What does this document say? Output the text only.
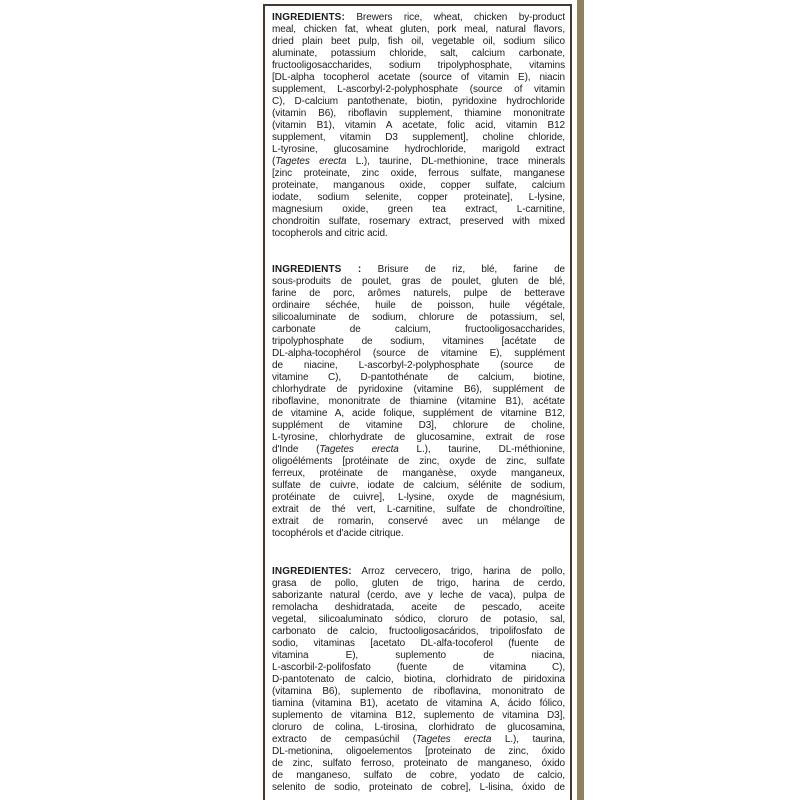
INGREDIENTS: Brewers rice, wheat, chicken by-product
meal, chicken fat, wheat gluten, pork meal, natural flavors,
dried plain beet pulp, fish oil, vegetable oil, sodium silico
aluminate, potassium chloride, salt, calcium carbonate,
fructooligosaccharides, sodium tripolyphosphate, vitamins
[DL-alpha tocopherol acetate (source of vitamin E), niacin
supplement, L-ascorbyl-2-polyphosphate (source of vitamin
C), D-calcium pantothenate, biotin, pyridoxine hydrochloride
(vitamin B6), riboflavin supplement, thiamine mononitrate
(vitamin B1), vitamin A acetate, folic acid, vitamin B12
supplement, vitamin D3 supplement], choline chloride,
L-tyrosine, glucosamine hydrochloride, marigold extract
(Tagetes erecta L.), taurine, DL-methionine, trace minerals
[zinc proteinate, zinc oxide, ferrous sulfate, manganese
proteinate, manganous oxide, copper sulfate, calcium
iodate, sodium selenite, copper proteinate], L-lysine,
magnesium oxide, green tea extract, L-carnitine,
chondroitin sulfate, rosemary extract, preserved with mixed
tocopherols and citric acid.
INGRÉDIENTS : Brisure de riz, blé, farine de
sous-produits de poulet, gras de poulet, gluten de blé,
farine de porc, arômes naturels, pulpe de betterave
ordinaire séchée, huile de poisson, huile végétale,
silicoaluminate de sodium, chlorure de potassium, sel,
carbonate de calcium, fructooligosaccharides,
tripolyphosphate de sodium, vitamines [acétate de
DL-alpha-tocophérol (source de vitamine E), supplément
de niacine, L-ascorbyl-2-polyphosphate (source de
vitamine C), D-pantothénate de calcium, biotine,
chlorhydrate de pyridoxine (vitamine B6), supplément de
riboflavine, mononitrate de thiamine (vitamine B1), acétate
de vitamine A, acide folique, supplément de vitamine B12,
supplément de vitamine D3], chlorure de choline,
L-tyrosine, chlorhydrate de glucosamine, extrait de rose
d'Inde (Tagetes erecta L.), taurine, DL-méthionine,
oligoéléments [protéinate de zinc, oxyde de zinc, sulfate
ferreux, protéinate de manganèse, oxyde manganeux,
sulfate de cuivre, iodate de calcium, sélénite de sodium,
protéinate de cuivre], L-lysine, oxyde de magnésium,
extrait de thé vert, L-carnitine, sulfate de chondroïtine,
extrait de romarin, conservé avec un mélange de
tocophérols et d'acide citrique.
INGREDIENTES: Arroz cervecero, trigo, harina de pollo,
grasa de pollo, gluten de trigo, harina de cerdo,
saborizante natural (cerdo, ave y leche de vaca), pulpa de
remolacha deshidratada, aceite de pescado, aceite
vegetal, silicoaluminato sódico, cloruro de potasio, sal,
carbonato de calcio, fructooligosacáridos, tripolifosfato de
sodio, vitaminas [acetato DL-alfa-tocoferol (fuente de
vitamina E), suplemento de niacina,
L-ascorbil-2-polifosfato (fuente de vitamina C),
D-pantotenato de calcio, biotina, clorhidrato de piridoxina
(vitamina B6), suplemento de riboflavina, mononitrato de
tiamina (vitamina B1), acetato de vitamina A, ácido fólico,
suplemento de vitamina B12, suplemento de vitamina D3],
cloruro de colina, L-tirosina, clorhidrato de glucosamina,
extracto de cempasúchil (Tagetes erecta L.), taurina,
DL-metionina, oligoelementos [proteinato de zinc, óxido
de zinc, sulfato ferroso, proteinato de manganeso, óxido
de manganeso, sulfato de cobre, yodato de calcio,
selenito de sodio, proteinato de cobre], L-lisina, óxido de
